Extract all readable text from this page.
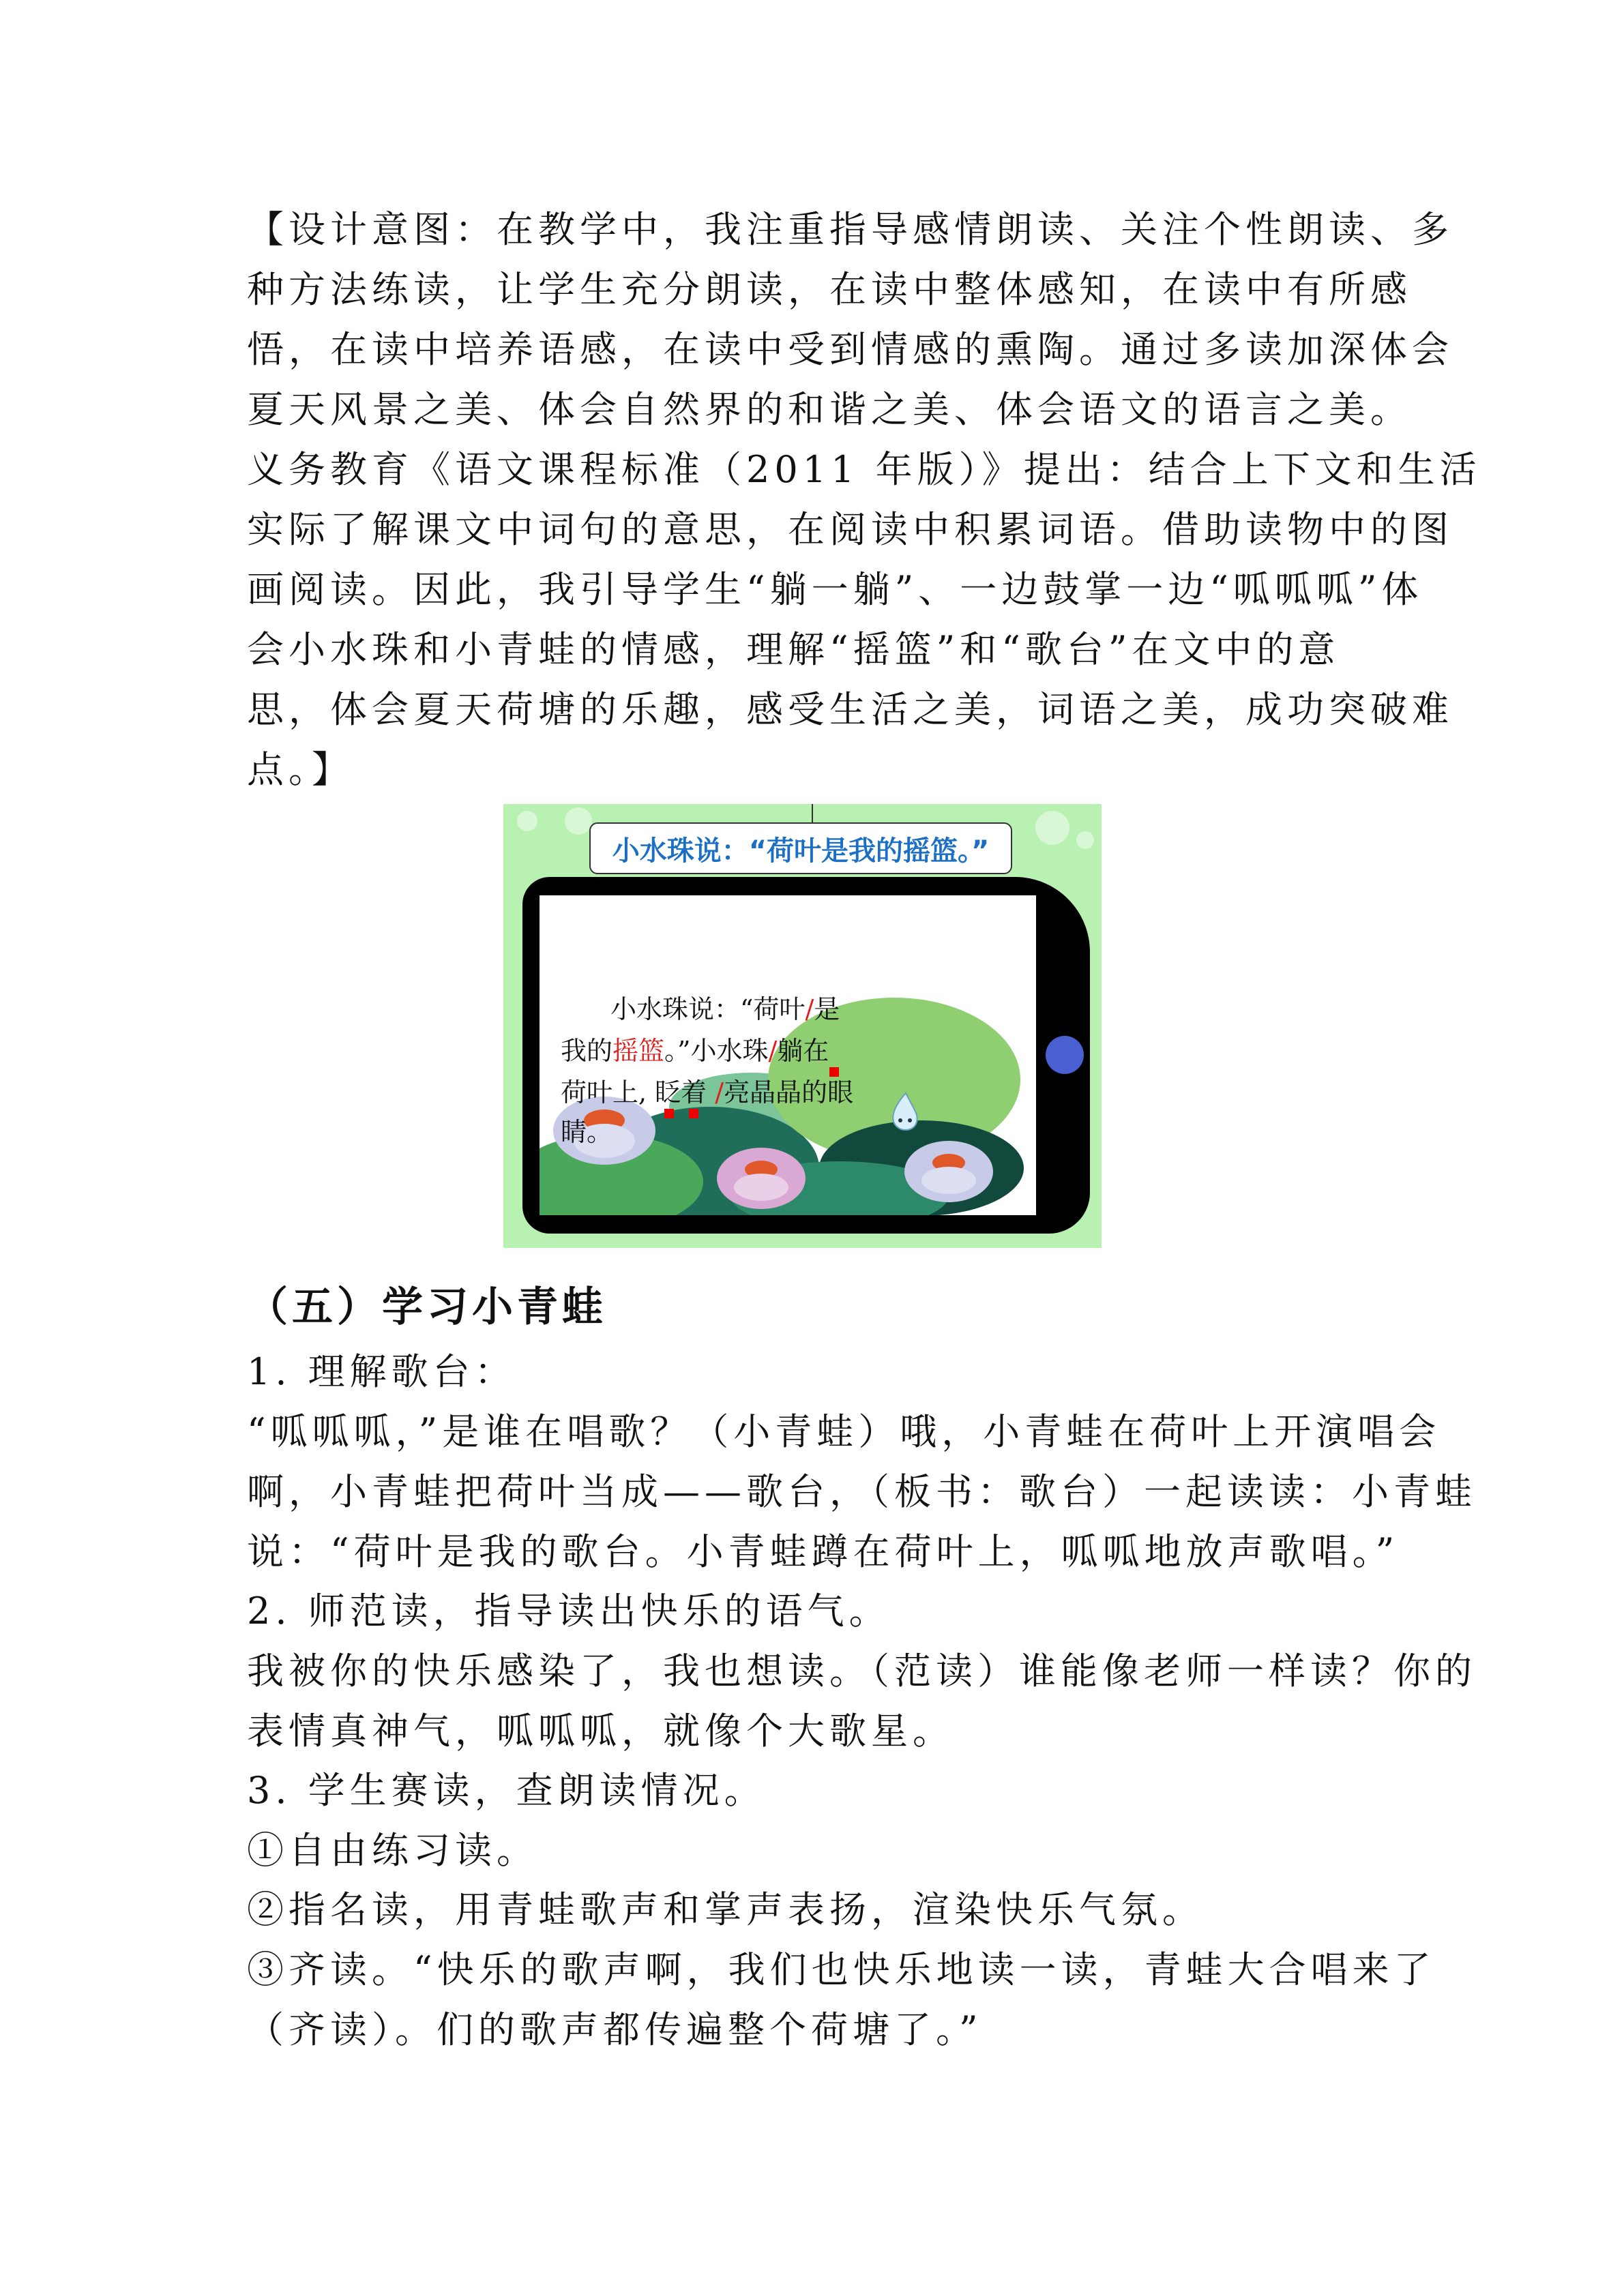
【设计意图：在教学中，我注重指导感情朗读、关注个性朗读、多
种方法练读，让学生充分朗读，在读中整体感知，在读中有所感
悟，在读中培养语感，在读中受到情感的熏陶。通过多读加深体会
夏天风景之美、体会自然界的和谐之美、体会语文的语言之美。
义务教育《语文课程标准（2011 年版）》提出：结合上下文和生活
实际了解课文中词句的意思，在阅读中积累词语。借助读物中的图
画阅读。因此，我引导学生“躺一躺”、一边鼓掌一边“呱呱呱”体
会小水珠和小青蛙的情感，理解“摇篮”和“歌台”在文中的意
思，体会夏天荷塘的乐趣，感受生活之美，词语之美，成功突破难
点。】
小水珠说：“荷叶是我的摇篮。”
小水珠说：“荷叶/是
我的摇篮。”小水珠/躺在
荷叶上, 眨着 /亮晶晶的眼
睛。
（五）学习小青蛙
1. 理解歌台：
“呱呱呱，”是谁在唱歌？（小青蛙）哦，小青蛙在荷叶上开演唱会
啊，小青蛙把荷叶当成——歌台，（板书：歌台）一起读读：小青蛙
说：“荷叶是我的歌台。小青蛙蹲在荷叶上，呱呱地放声歌唱。”
2. 师范读，指导读出快乐的语气。
我被你的快乐感染了，我也想读。（范读）谁能像老师一样读？你的
表情真神气，呱呱呱，就像个大歌星。
3. 学生赛读，查朗读情况。
①自由练习读。
②指名读，用青蛙歌声和掌声表扬，渲染快乐气氛。
③齐读。“快乐的歌声啊，我们也快乐地读一读，青蛙大合唱来了
（齐读）。们的歌声都传遍整个荷塘了。”
